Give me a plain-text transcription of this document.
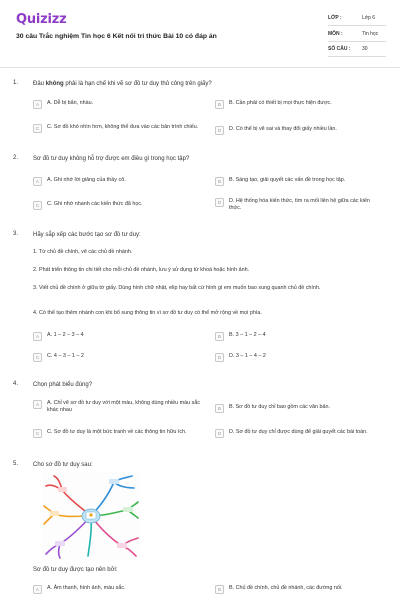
Quizizz
30 câu Trắc nghiệm Tin học 6 Kết nối tri thức Bài 10 có đáp án
LỚP :	Lớp 6
MÔN :	Tin học
SỐ CÂU : 30
1. Đâu không phải là hạn chế khi vẽ sơ đồ tư duy thủ công trên giấy?
A	A. Dễ bị bẩn, nhàu.	B	B. Cần phải có thiết bị mọi thực hiện được.
C	C. Sơ đồ khó nhìn hơn, không thể đưa vào các bản trình chiếu.
D	D. Có thể bị vẽ sai và thay đổi giấy nhiều lần.
2. Sơ đồ tư duy không hỗ trợ được em điều gì trong học tập?
A	A. Ghi nhớ lời giảng của thầy cô.	B	B. Sáng tạo, giải quyết các vấn đề trong học tập.
C	C. Ghi nhớ nhanh các kiến thức đã học.	D	D. Hệ thống hóa kiến thức, tìm ra mối liên hệ giữa các kiến thức.
3. Hãy sắp xếp các bước tạo sơ đồ tư duy:
1. Từ chủ đề chính, vẽ các chủ đề nhánh.
2. Phát triển thông tin chi tiết cho mỗi chủ đề nhánh, lưu ý sử dụng từ khoá hoặc hình ảnh.
3. Viết chủ đề chính ở giữa tờ giấy. Dùng hình chữ nhật, elip hay bất cứ hình gì em muốn bao xung quanh chủ đề chính.
4. Có thể tạo thêm nhánh con khi bổ sung thông tin vì sơ đồ tư duy có thể mở rộng về mọi phía.
A	A. 1 – 2 – 3 – 4	B	B. 3 – 1 – 2 – 4
C	C. 4 – 3 – 1 – 2	D	D. 3 – 1 – 4 – 2
4. Chọn phát biểu đúng?
A	A. Chỉ vẽ sơ đồ tư duy với một màu, không dùng nhiều màu sắc khác nhau	B	B. Sơ đồ tư duy chỉ bao gồm các văn bản.
C	C. Sơ đồ tư duy là một bức tranh về các thông tin hữu ích.	D	D. Sơ đồ tư duy chỉ được dùng để giải quyết các bài toán.
5. Cho sơ đồ tư duy sau:
Sơ đồ tư duy được tạo nên bởi:
A	A. Âm thanh, hình ảnh, màu sắc.	B	B. Chủ đề chính, chủ đề nhánh, các đường nối.
